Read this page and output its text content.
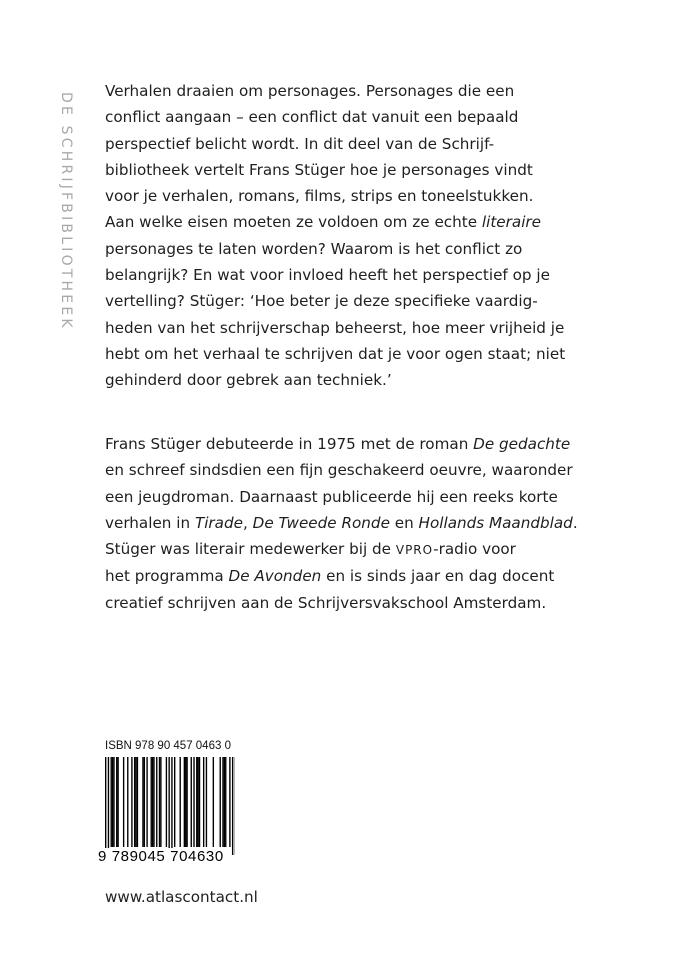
DE SCHRIJFBIBLIOTHEEK
Verhalen draaien om personages. Personages die een
conflict aangaan – een conflict dat vanuit een bepaald
perspectief belicht wordt. In dit deel van de Schrijf-
bibliotheek vertelt Frans Stüger hoe je personages vindt
voor je verhalen, romans, films, strips en toneelstukken.
Aan welke eisen moeten ze voldoen om ze echte literaire
personages te laten worden? Waarom is het conflict zo
belangrijk? En wat voor invloed heeft het perspectief op je
vertelling? Stüger: ‘Hoe beter je deze specifieke vaardig-
heden van het schrijverschap beheerst, hoe meer vrijheid je
hebt om het verhaal te schrijven dat je voor ogen staat; niet
gehinderd door gebrek aan techniek.’
Frans Stüger debuteerde in 1975 met de roman De gedachte
en schreef sindsdien een fijn geschakeerd oeuvre, waaronder
een jeugdroman. Daarnaast publiceerde hij een reeks korte
verhalen in Tirade, De Tweede Ronde en Hollands Maandblad.
Stüger was literair medewerker bij de VPRO-radio voor
het programma De Avonden en is sinds jaar en dag docent
creatief schrijven aan de Schrijversvakschool Amsterdam.
ISBN 978 90 457 0463 0
9 789045 704630
www.atlascontact.nl
